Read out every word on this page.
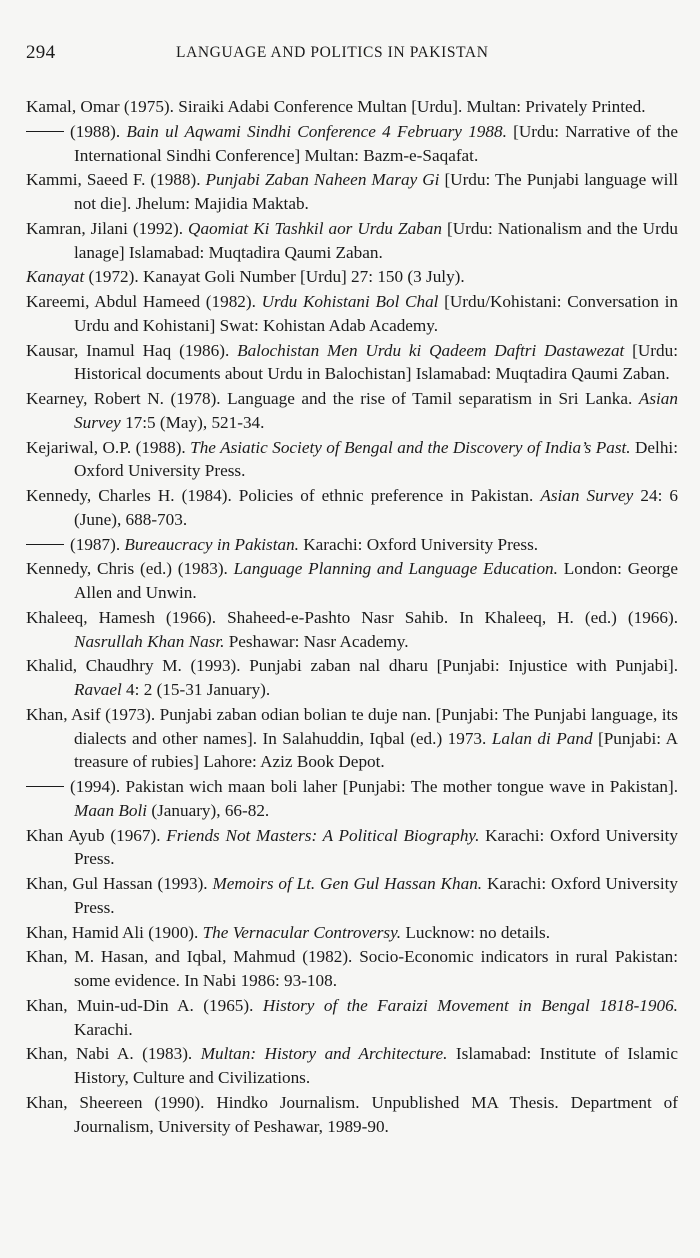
294	LANGUAGE AND POLITICS IN PAKISTAN

Kamal, Omar (1975). Siraiki Adabi Conference Multan [Urdu]. Multan: Privately Printed.

(1988). Bain ul Aqwami Sindhi Conference 4 February 1988. [Urdu: Narrative of the International Sindhi Conference] Multan: Bazm-e-Saqafat.

Kammi, Saeed F. (1988). Punjabi Zaban Naheen Maray Gi [Urdu: The Punjabi language will not die]. Jhelum: Majidia Maktab.

Kamran, Jilani (1992). Qaomiat Ki Tashkil aor Urdu Zaban [Urdu: Nationalism and the Urdu lanage] Islamabad: Muqtadira Qaumi Zaban.

Kanayat (1972). Kanayat Goli Number [Urdu] 27: 150 (3 July).

Kareemi, Abdul Hameed (1982). Urdu Kohistani Bol Chal [Urdu/Kohistani: Conversation in Urdu and Kohistani] Swat: Kohistan Adab Academy.

Kausar, Inamul Haq (1986). Balochistan Men Urdu ki Qadeem Daftri Dastawezat [Urdu: Historical documents about Urdu in Balochistan] Islamabad: Muqtadira Qaumi Zaban.

Kearney, Robert N. (1978). Language and the rise of Tamil separatism in Sri Lanka. Asian Survey 17:5 (May), 521-34.

Kejariwal, O.P. (1988). The Asiatic Society of Bengal and the Discovery of India’s Past. Delhi: Oxford University Press.

Kennedy, Charles H. (1984). Policies of ethnic preference in Pakistan. Asian Survey 24: 6 (June), 688-703.

(1987). Bureaucracy in Pakistan. Karachi: Oxford University Press.

Kennedy, Chris (ed.) (1983). Language Planning and Language Education. London: George Allen and Unwin.

Khaleeq, Hamesh (1966). Shaheed-e-Pashto Nasr Sahib. In Khaleeq, H. (ed.) (1966). Nasrullah Khan Nasr. Peshawar: Nasr Academy.

Khalid, Chaudhry M. (1993). Punjabi zaban nal dharu [Punjabi: Injustice with Punjabi]. Ravael 4: 2 (15-31 January).

Khan, Asif (1973). Punjabi zaban odian bolian te duje nan. [Punjabi: The Punjabi language, its dialects and other names]. In Salahuddin, Iqbal (ed.) 1973. Lalan di Pand [Punjabi: A treasure of rubies] Lahore: Aziz Book Depot.

(1994). Pakistan wich maan boli laher [Punjabi: The mother tongue wave in Pakistan]. Maan Boli (January), 66-82.

Khan Ayub (1967). Friends Not Masters: A Political Biography. Karachi: Oxford University Press.

Khan, Gul Hassan (1993). Memoirs of Lt. Gen Gul Hassan Khan. Karachi: Oxford University Press.

Khan, Hamid Ali (1900). The Vernacular Controversy. Lucknow: no details.

Khan, M. Hasan, and Iqbal, Mahmud (1982). Socio-Economic indicators in rural Pakistan: some evidence. In Nabi 1986: 93-108.

Khan, Muin-ud-Din A. (1965). History of the Faraizi Movement in Bengal 1818-1906. Karachi.

Khan, Nabi A. (1983). Multan: History and Architecture. Islamabad: Institute of Islamic History, Culture and Civilizations.

Khan, Sheereen (1990). Hindko Journalism. Unpublished MA Thesis. Department of Journalism, University of Peshawar, 1989-90.
